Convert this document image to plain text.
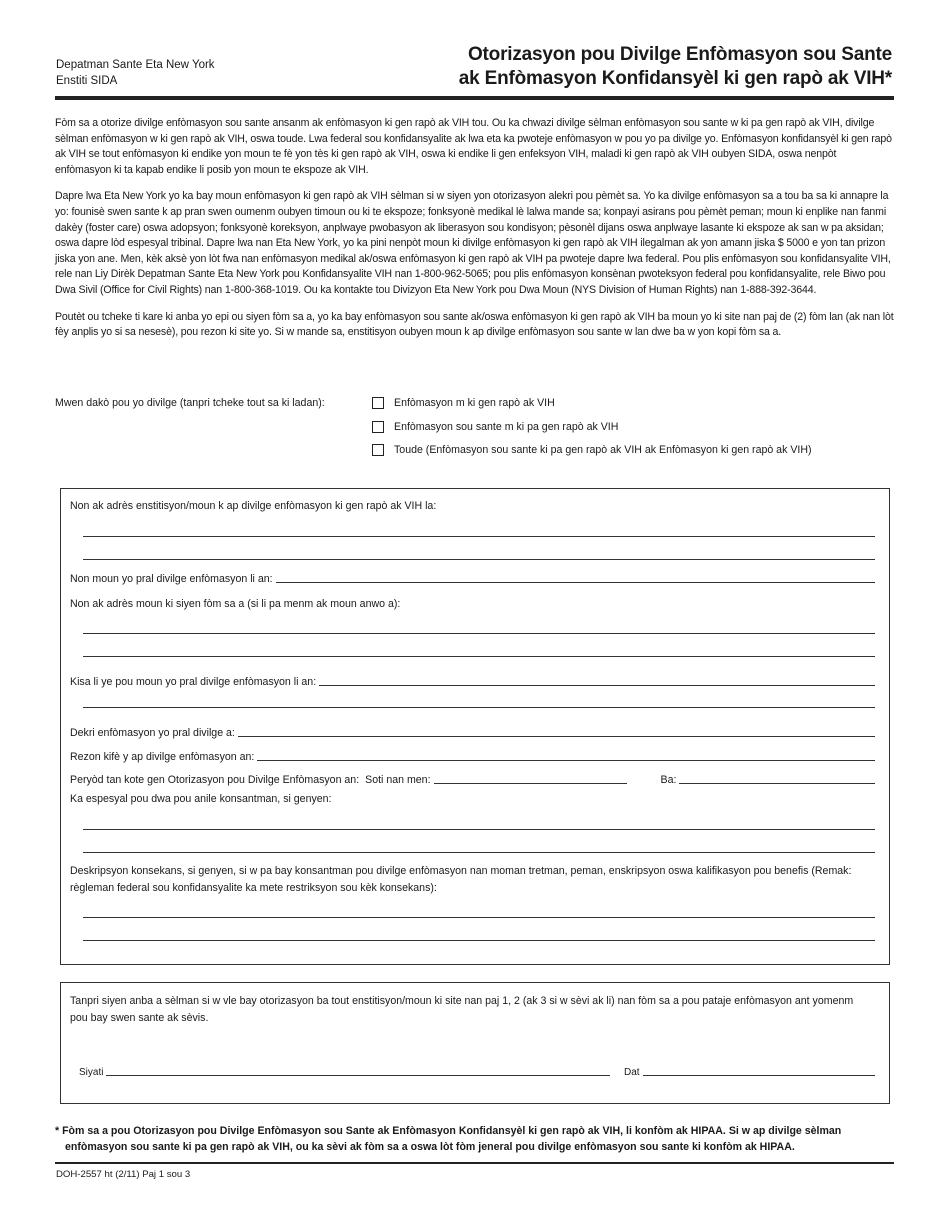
Depatman Sante Eta New York
Enstiti SIDA
Otorizasyon pou Divilge Enfòmasyon sou Sante
ak Enfòmasyon Konfidansyèl ki gen rapò ak VIH*

Fòm sa a otorize divilge enfòmasyon sou sante ansanm ak enfòmasyon ki gen rapò ak VIH tou. Ou ka chwazi divilge sèlman enfòmasyon sou sante w ki pa gen rapò ak VIH, divilge sèlman enfòmasyon w ki gen rapò ak VIH, oswa toude. Lwa federal sou konfidansyalite ak lwa eta ka pwoteje enfòmasyon w pou yo pa divilge yo. Enfòmasyon konfidansyèl ki gen rapò ak VIH se tout enfòmasyon ki endike yon moun te fè yon tès ki gen rapò ak VIH, oswa ki endike li gen enfeksyon VIH, maladi ki gen rapò ak VIH oubyen SIDA, oswa nenpòt enfòmasyon ki ta kapab endike li posib yon moun te ekspoze ak VIH.

Dapre lwa Eta New York yo ka bay moun enfòmasyon ki gen rapò ak VIH sèlman si w siyen yon otorizasyon alekri pou pèmèt sa. Yo ka divilge enfòmasyon sa a tou ba sa ki annapre la yo: founisè swen sante k ap pran swen oumenm oubyen timoun ou ki te ekspoze; fonksyonè medikal lè lalwa mande sa; konpayi asirans pou pèmèt peman; moun ki enplike nan fanmi dakèy (foster care) oswa adopsyon; fonksyonè koreksyon, anplwaye pwobasyon ak liberasyon sou kondisyon; pèsonèl dijans oswa anplwaye lasante ki ekspoze ak san w pa aksidan; oswa dapre lòd espesyal tribinal. Dapre lwa nan Eta New York, yo ka pini nenpòt moun ki divilge enfòmasyon ki gen rapò ak VIH ilegalman ak yon amann jiska $ 5000 e yon tan prizon jiska yon ane. Men, kèk aksè yon lòt fwa nan enfòmasyon medikal ak/oswa enfòmasyon ki gen rapò ak VIH pa pwoteje dapre lwa federal. Pou plis enfòmasyon sou konfidansyalite VIH, rele nan Liy Dirèk Depatman Sante Eta New York pou Konfidansyalite VIH nan 1-800-962-5065; pou plis enfòmasyon konsènan pwoteksyon federal pou konfidansyalite, rele Biwo pou Dwa Sivil (Office for Civil Rights) nan 1-800-368-1019. Ou ka kontakte tou Divizyon Eta New York pou Dwa Moun (NYS Division of Human Rights) nan 1-888-392-3644.

Poutèt ou tcheke ti kare ki anba yo epi ou siyen fòm sa a, yo ka bay enfòmasyon sou sante ak/oswa enfòmasyon ki gen rapò ak VIH ba moun yo ki site nan paj de (2) fòm lan (ak nan lòt fèy anplis yo si sa nesesè), pou rezon ki site yo. Si w mande sa, enstitisyon oubyen moun k ap divilge enfòmasyon sou sante w lan dwe ba w yon kopi fòm sa a.

Mwen dakò pou yo divilge (tanpri tcheke tout sa ki ladan):	Enfòmasyon m ki gen rapò ak VIH
Enfòmasyon sou sante m ki pa gen rapò ak VIH
Toude (Enfòmasyon sou sante ki pa gen rapò ak VIH ak Enfòmasyon ki gen rapò ak VIH)
Non ak adrès enstitisyon/moun k ap divilge enfòmasyon ki gen rapò ak VIH la:
Non moun yo pral divilge enfòmasyon li an:
Non ak adrès moun ki siyen fòm sa a (si li pa menm ak moun anwo a):
Kisa li ye pou moun yo pral divilge enfòmasyon li an:
Dekri enfòmasyon yo pral divilge a:
Rezon kifè y ap divilge enfòmasyon an:
Peryòd tan kote gen Otorizasyon pou Divilge Enfòmasyon an: Soti nan men:	Ba:
Ka espesyal pou dwa pou anile konsantman, si genyen:
Deskripsyon konsekans, si genyen, si w pa bay konsantman pou divilge enfòmasyon nan moman tretman, peman, enskripsyon oswa kalifikasyon pou benefis (Remak: règleman federal sou konfidansyalite ka mete restriksyon sou kèk konsekans):
Tanpri siyen anba a sèlman si w vle bay otorizasyon ba tout enstitisyon/moun ki site nan paj 1, 2 (ak 3 si w sèvi ak li) nan fòm sa a pou pataje enfòmasyon ant yomenm pou bay swen sante ak sèvis.
Siyati	Dat
* Fòm sa a pou Otorizasyon pou Divilge Enfòmasyon sou Sante ak Enfòmasyon Konfidansyèl ki gen rapò ak VIH, li konfòm ak HIPAA. Si w ap divilge sèlman
enfòmasyon sou sante ki pa gen rapò ak VIH, ou ka sèvi ak fòm sa a oswa lòt fòm jeneral pou divilge enfòmasyon sou sante ki konfòm ak HIPAA.
DOH-2557 ht (2/11) Paj 1 sou 3
